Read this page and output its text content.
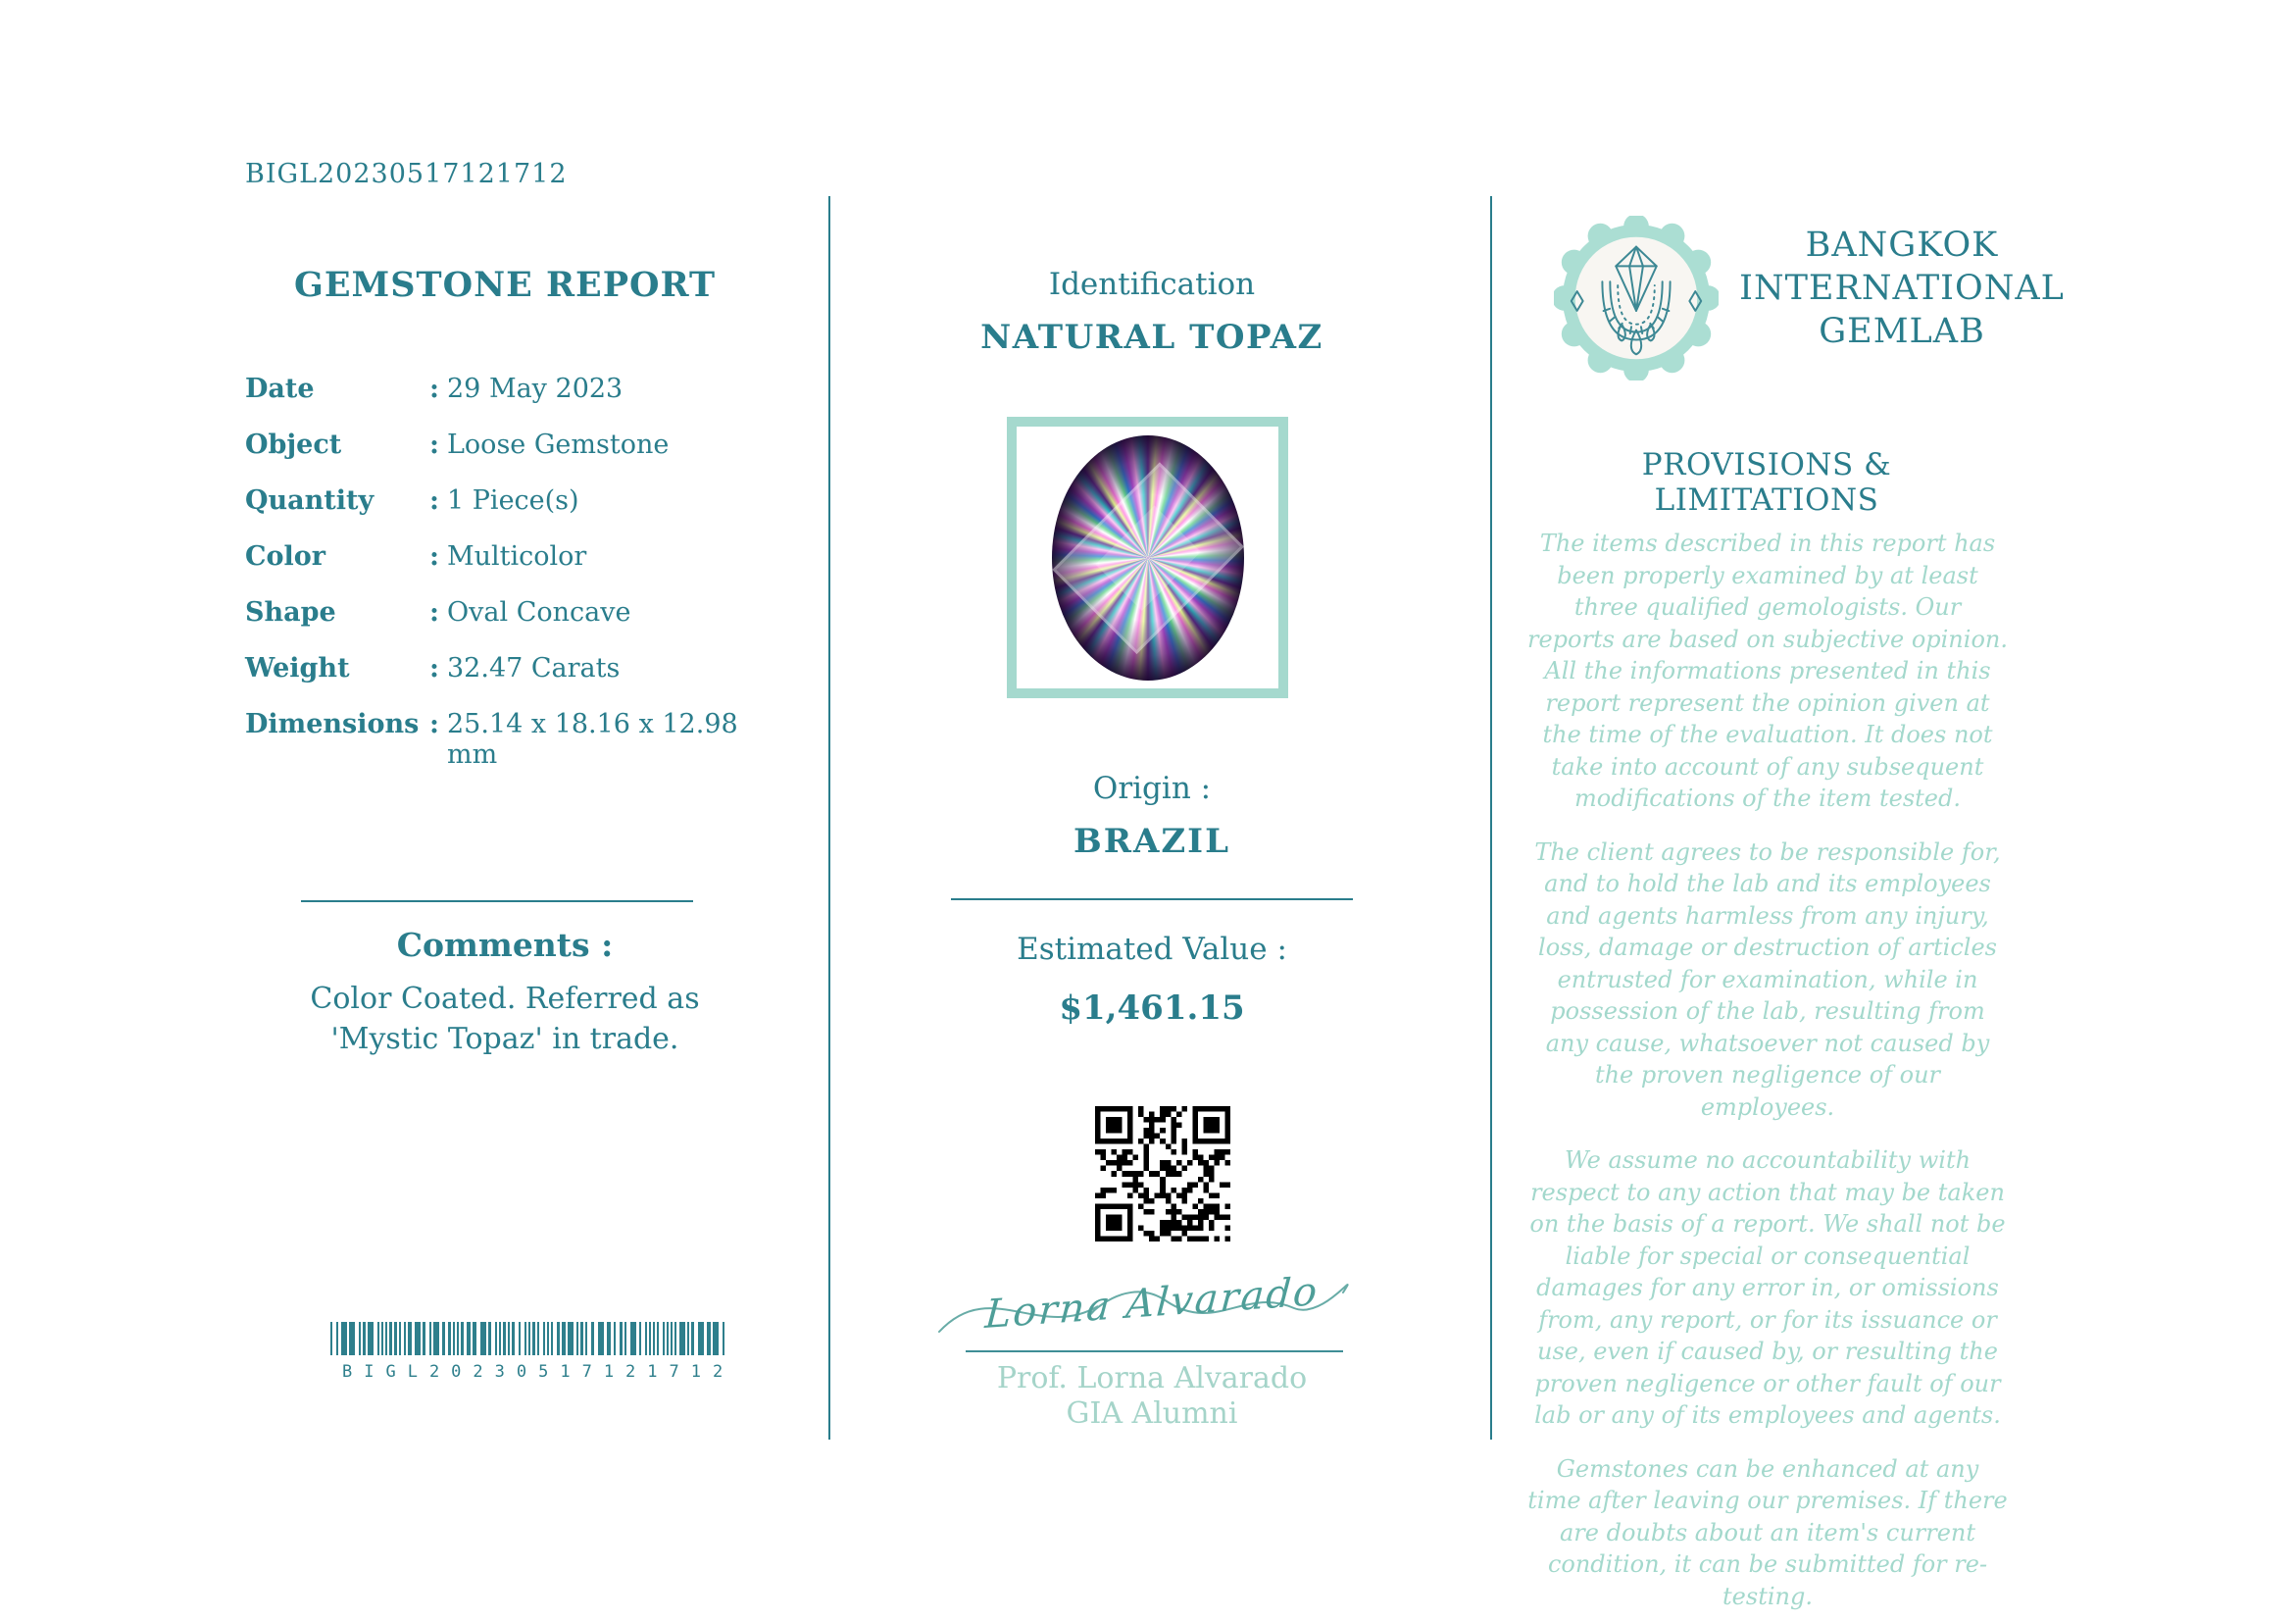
BIGL20230517121712
GEMSTONE REPORT
Date	: 29 May 2023
Object	: Loose Gemstone
Quantity	: 1 Piece(s)
Color	: Multicolor
Shape	: Oval Concave
Weight	: 32.47 Carats
Dimensions : 25.14 x 18.16 x 12.98 mm
Comments :
Color Coated. Referred as 'Mystic Topaz' in trade.
BIGL20230517121712
Identification
NATURAL TOPAZ
Origin :
BRAZIL
Estimated Value :
$1,461.15
Lorna Alvarado
Prof. Lorna Alvarado
GIA Alumni
BANGKOK
INTERNATIONAL
GEMLAB
PROVISIONS & LIMITATIONS

The items described in this report has been properly examined by at least three qualified gemologists. Our reports are based on subjective opinion. All the informations presented in this report represent the opinion given at the time of the evaluation. It does not take into account of any subsequent modifications of the item tested.

The client agrees to be responsible for, and to hold the lab and its employees and agents harmless from any injury, loss, damage or destruction of articles entrusted for examination, while in possession of the lab, resulting from any cause, whatsoever not caused by the proven negligence of our employees.

We assume no accountability with respect to any action that may be taken on the basis of a report. We shall not be liable for special or consequential damages for any error in, or omissions from, any report, or for its issuance or use, even if caused by, or resulting the proven negligence or other fault of our lab or any of its employees and agents.

Gemstones can be enhanced at any time after leaving our premises. If there are doubts about an item's current condition, it can be submitted for re-testing.
